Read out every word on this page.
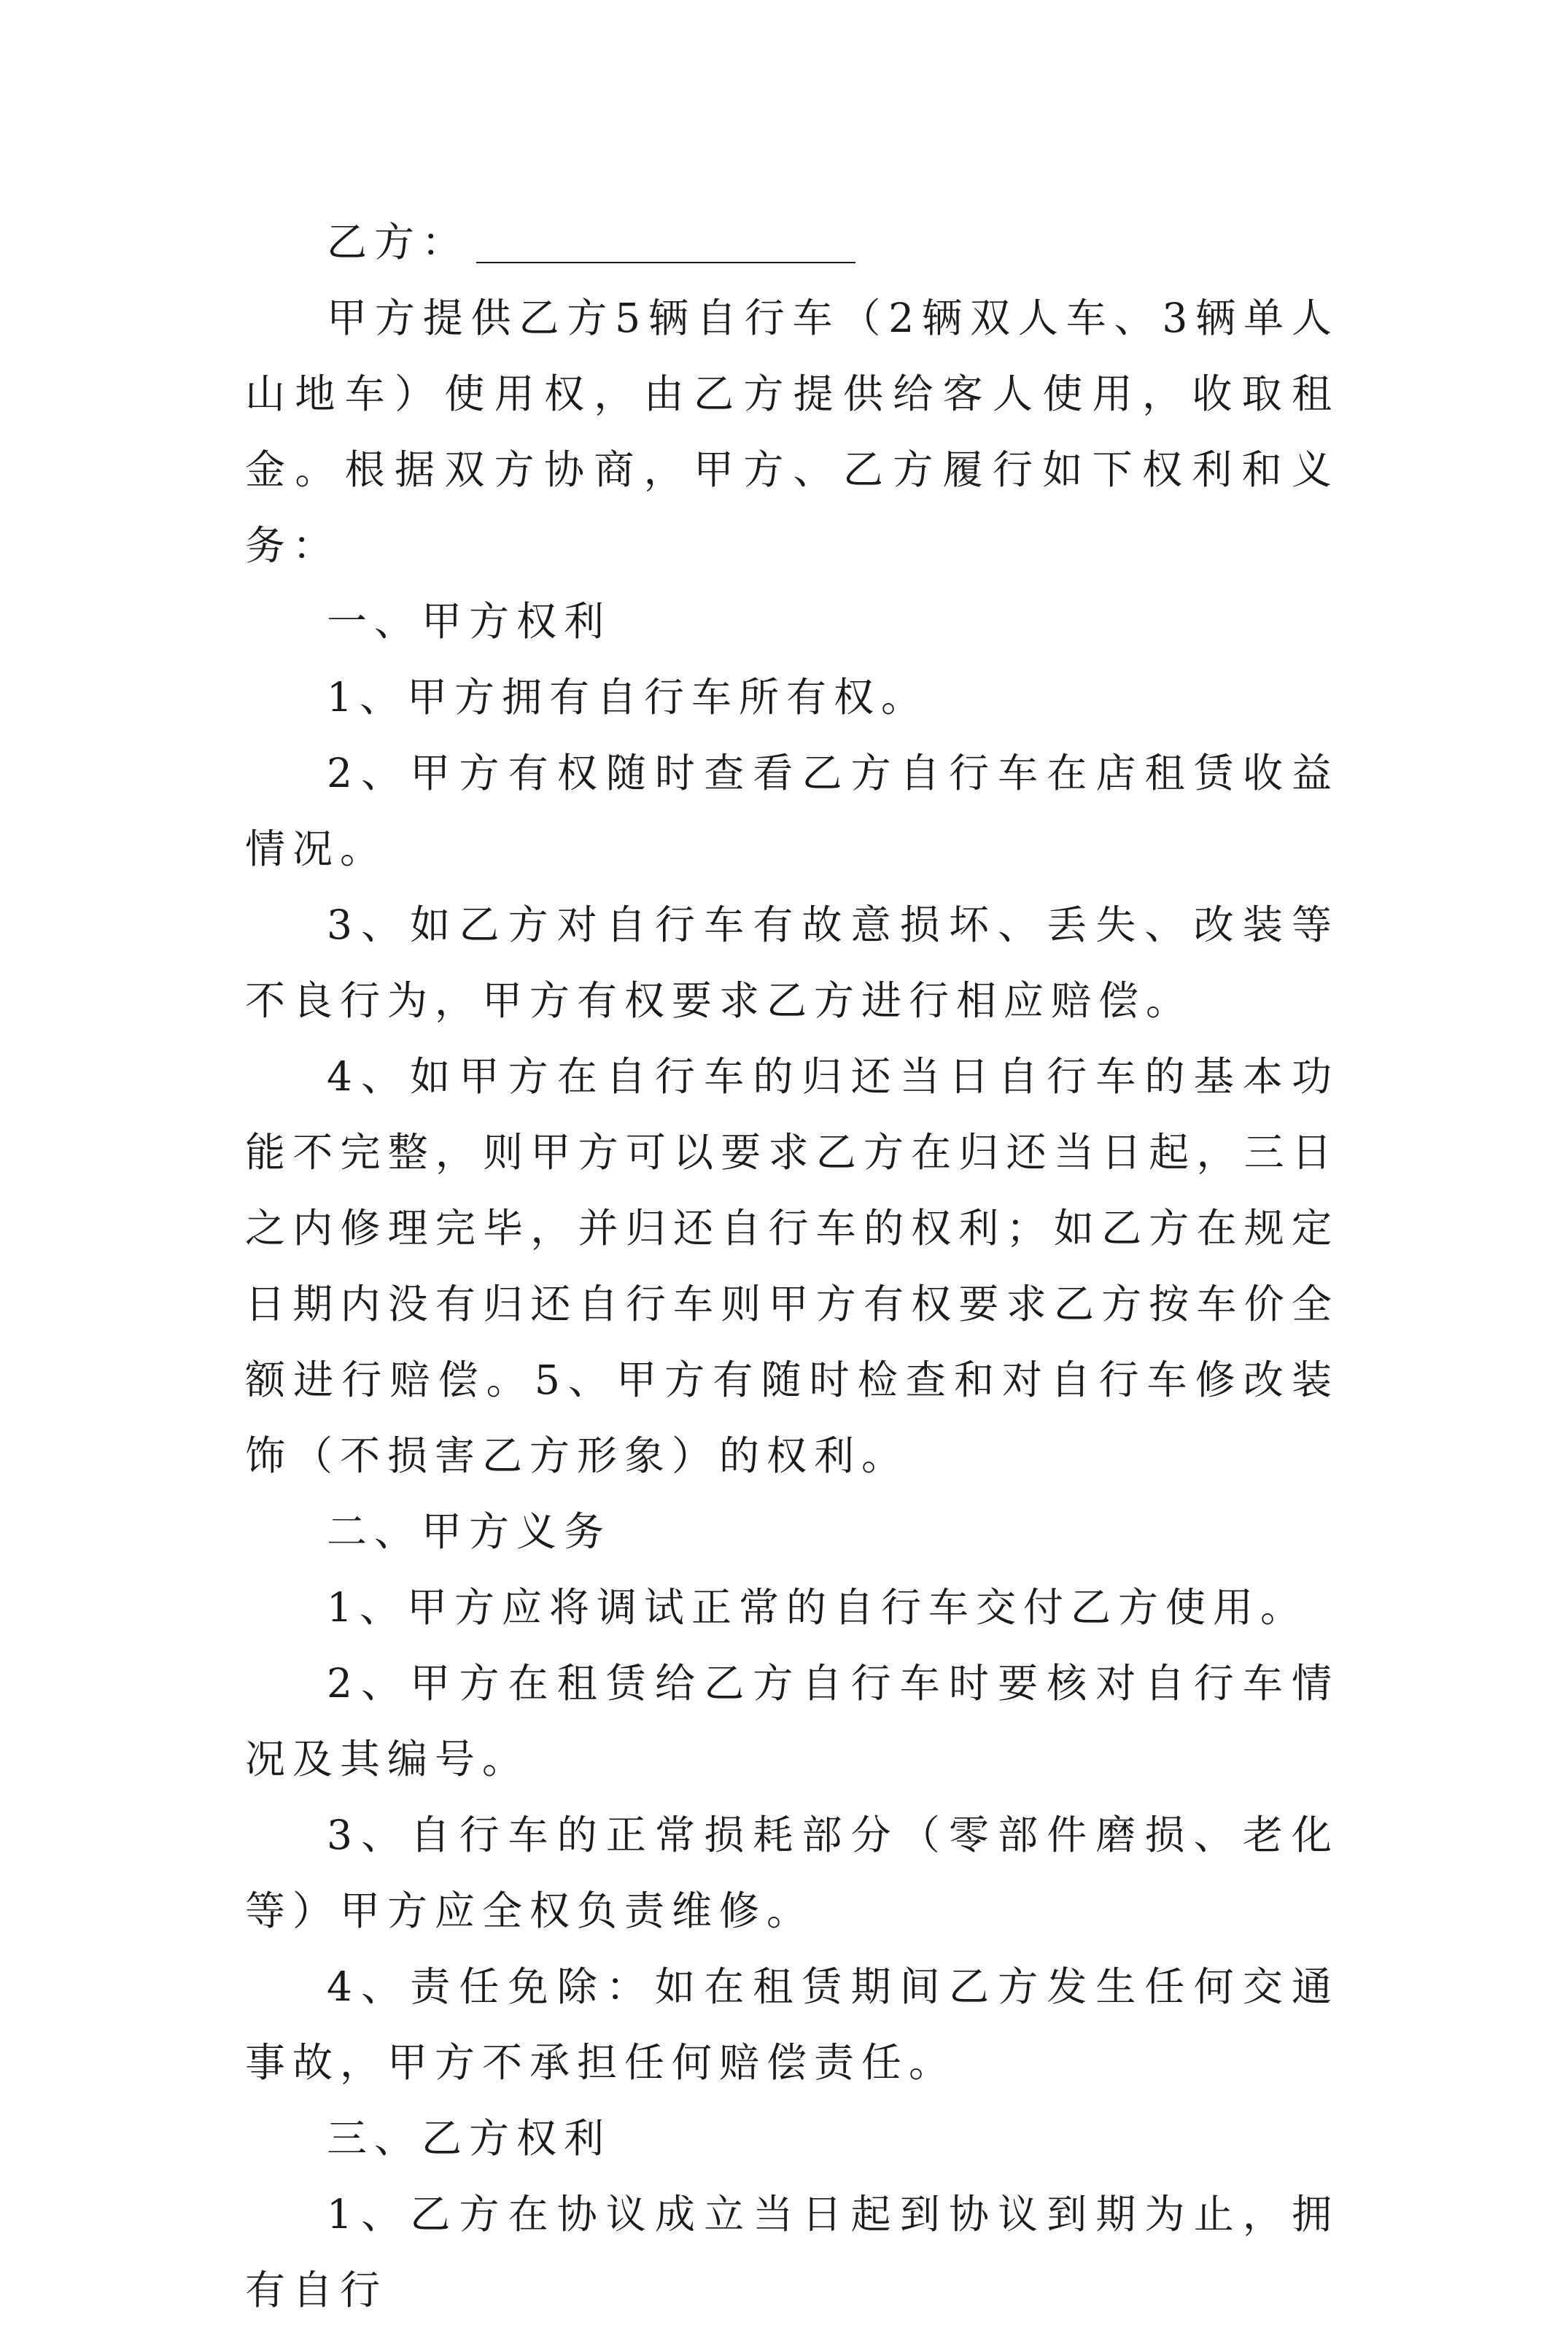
乙方：

甲方提供乙方5辆自行车（2辆双人车、3辆单人山地车）使用权，由乙方提供给客人使用，收取租金。根据双方协商，甲方、乙方履行如下权利和义务：

一、甲方权利

1、甲方拥有自行车所有权。

2、甲方有权随时查看乙方自行车在店租赁收益情况。

3、如乙方对自行车有故意损坏、丢失、改装等不良行为，甲方有权要求乙方进行相应赔偿。

4、如甲方在自行车的归还当日自行车的基本功能不完整，则甲方可以要求乙方在归还当日起，三日之内修理完毕，并归还自行车的权利；如乙方在规定日期内没有归还自行车则甲方有权要求乙方按车价全额进行赔偿。5、甲方有随时检查和对自行车修改装饰（不损害乙方形象）的权利。

二、甲方义务

1、甲方应将调试正常的自行车交付乙方使用。

2、甲方在租赁给乙方自行车时要核对自行车情况及其编号。

3、自行车的正常损耗部分（零部件磨损、老化等）甲方应全权负责维修。

4、责任免除：如在租赁期间乙方发生任何交通事故，甲方不承担任何赔偿责任。

三、乙方权利

1、乙方在协议成立当日起到协议到期为止，拥有自行
